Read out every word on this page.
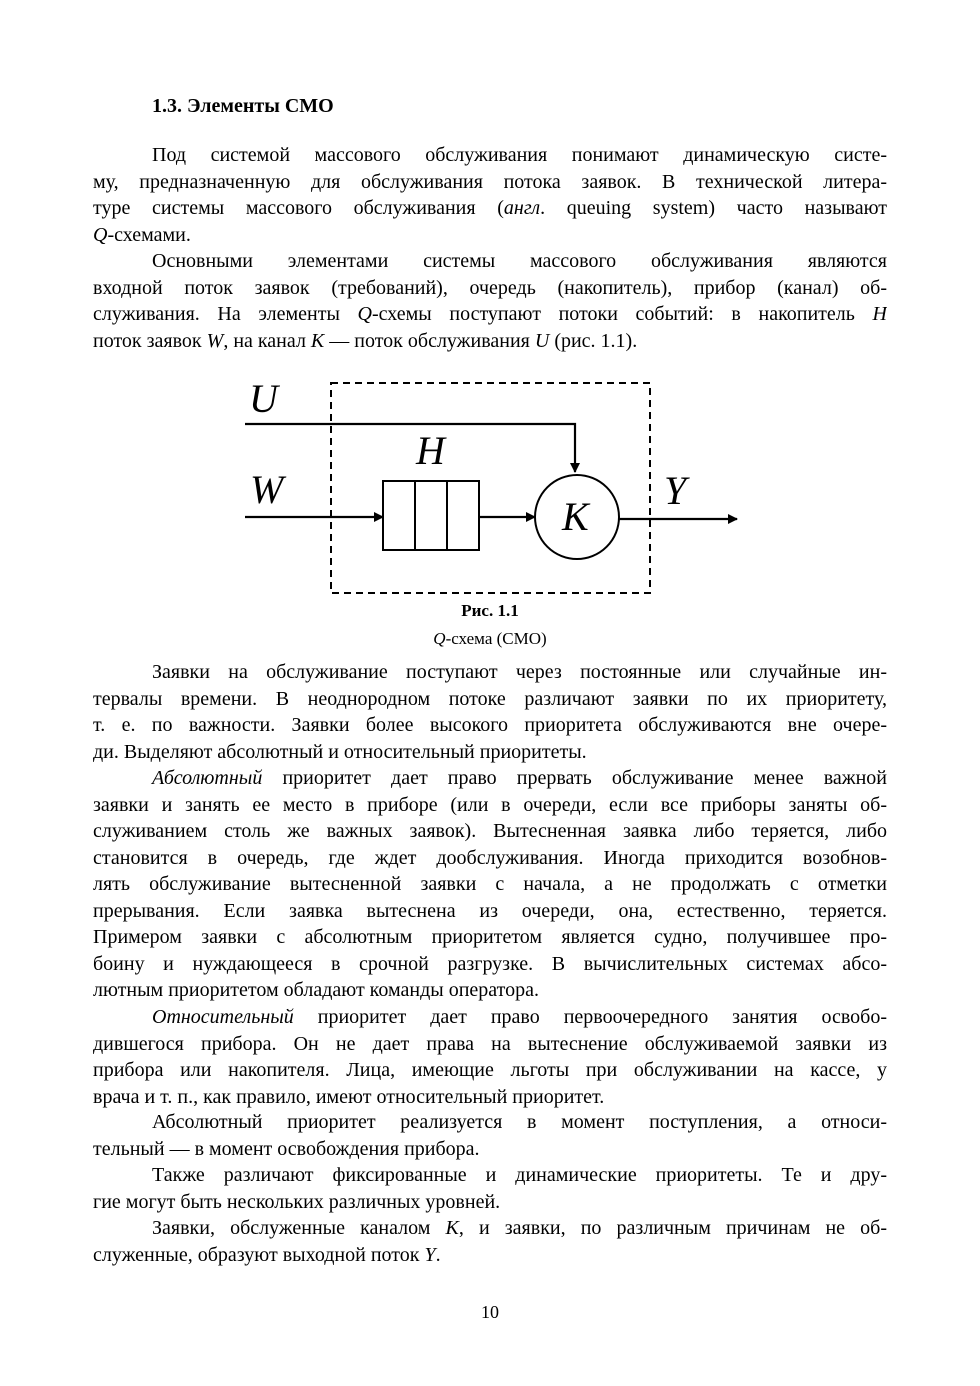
1.3. Элементы СМО
Под системой массового обслуживания понимают динамическую систе-
му, предназначенную для обслуживания потока заявок. В технической литера-
туре системы массового обслуживания (англ. queuing system) часто называют
Q-схемами.
Основными элементами системы массового обслуживания являются
входной поток заявок (требований), очередь (накопитель), прибор (канал) об-
служивания. На элементы Q-схемы поступают потоки событий: в накопитель H
поток заявок W, на канал K — поток обслуживания U (рис. 1.1).
U
W
H
K
Y
Рис. 1.1
Q-схема (СМО)
Заявки на обслуживание поступают через постоянные или случайные ин-
тервалы времени. В неоднородном потоке различают заявки по их приоритету,
т. е. по важности. Заявки более высокого приоритета обслуживаются вне очере-
ди. Выделяют абсолютный и относительный приоритеты.
Абсолютный приоритет дает право прервать обслуживание менее важной
заявки и занять ее место в приборе (или в очереди, если все приборы заняты об-
служиванием столь же важных заявок). Вытесненная заявка либо теряется, либо
становится в очередь, где ждет дообслуживания. Иногда приходится возобнов-
лять обслуживание вытесненной заявки с начала, а не продолжать с отметки
прерывания. Если заявка вытеснена из очереди, она, естественно, теряется.
Примером заявки с абсолютным приоритетом является судно, получившее про-
боину и нуждающееся в срочной разгрузке. В вычислительных системах абсо-
лютным приоритетом обладают команды оператора.
Относительный приоритет дает право первоочередного занятия освобо-
дившегося прибора. Он не дает права на вытеснение обслуживаемой заявки из
прибора или накопителя. Лица, имеющие льготы при обслуживании на кассе, у
врача и т. п., как правило, имеют относительный приоритет.
Абсолютный приоритет реализуется в момент поступления, а относи-
тельный — в момент освобождения прибора.
Также различают фиксированные и динамические приоритеты. Те и дру-
гие могут быть нескольких различных уровней.
Заявки, обслуженные каналом K, и заявки, по различным причинам не об-
служенные, образуют выходной поток Y.
10
